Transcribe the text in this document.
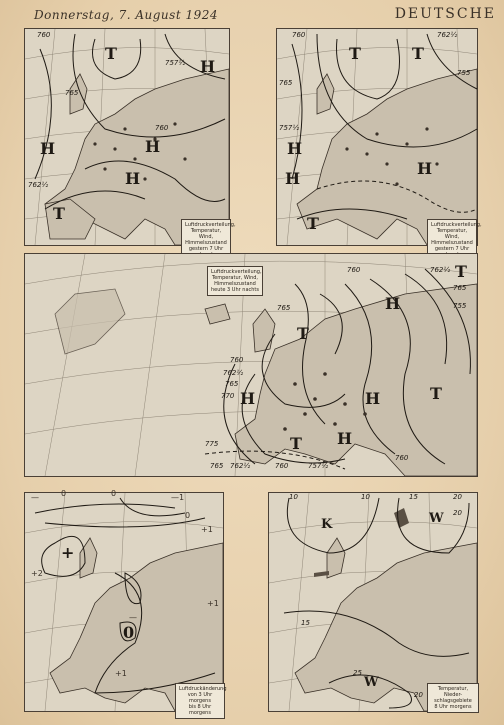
Donnerstag, 7. August 1924	DEUTSCHE
T
H
H	H
H
T
760
762½
765
760
757½
Luftdruckverteilung,
Temperatur, Wind,
Himmelszustand
gestern 7 Uhr
T
H
H
T
H
T
760	762½
765
755
757½
Luftdruckverteilung,
Temperatur, Wind,
Himmelszustand
gestern 7 Uhr
T
H
H	H	T
T H
T
765
760
762½
765
770
775
765 762½	760	757½
760	762½
765
755
760
Luftdruckverteilung,
Temperatur, Wind,
Himmelszustand
heute 3 Uhr nachts
—	0	0	—1
0
+1
+
+2
0
—
+1
+1
Luftdruckänderung
von 3 Uhr morgens
bis 8 Uhr morgens
10	10	15	20
20
15
25
20
K	W
W	Temperatur, Nieder-
schlagsgebiete
8 Uhr morgens
